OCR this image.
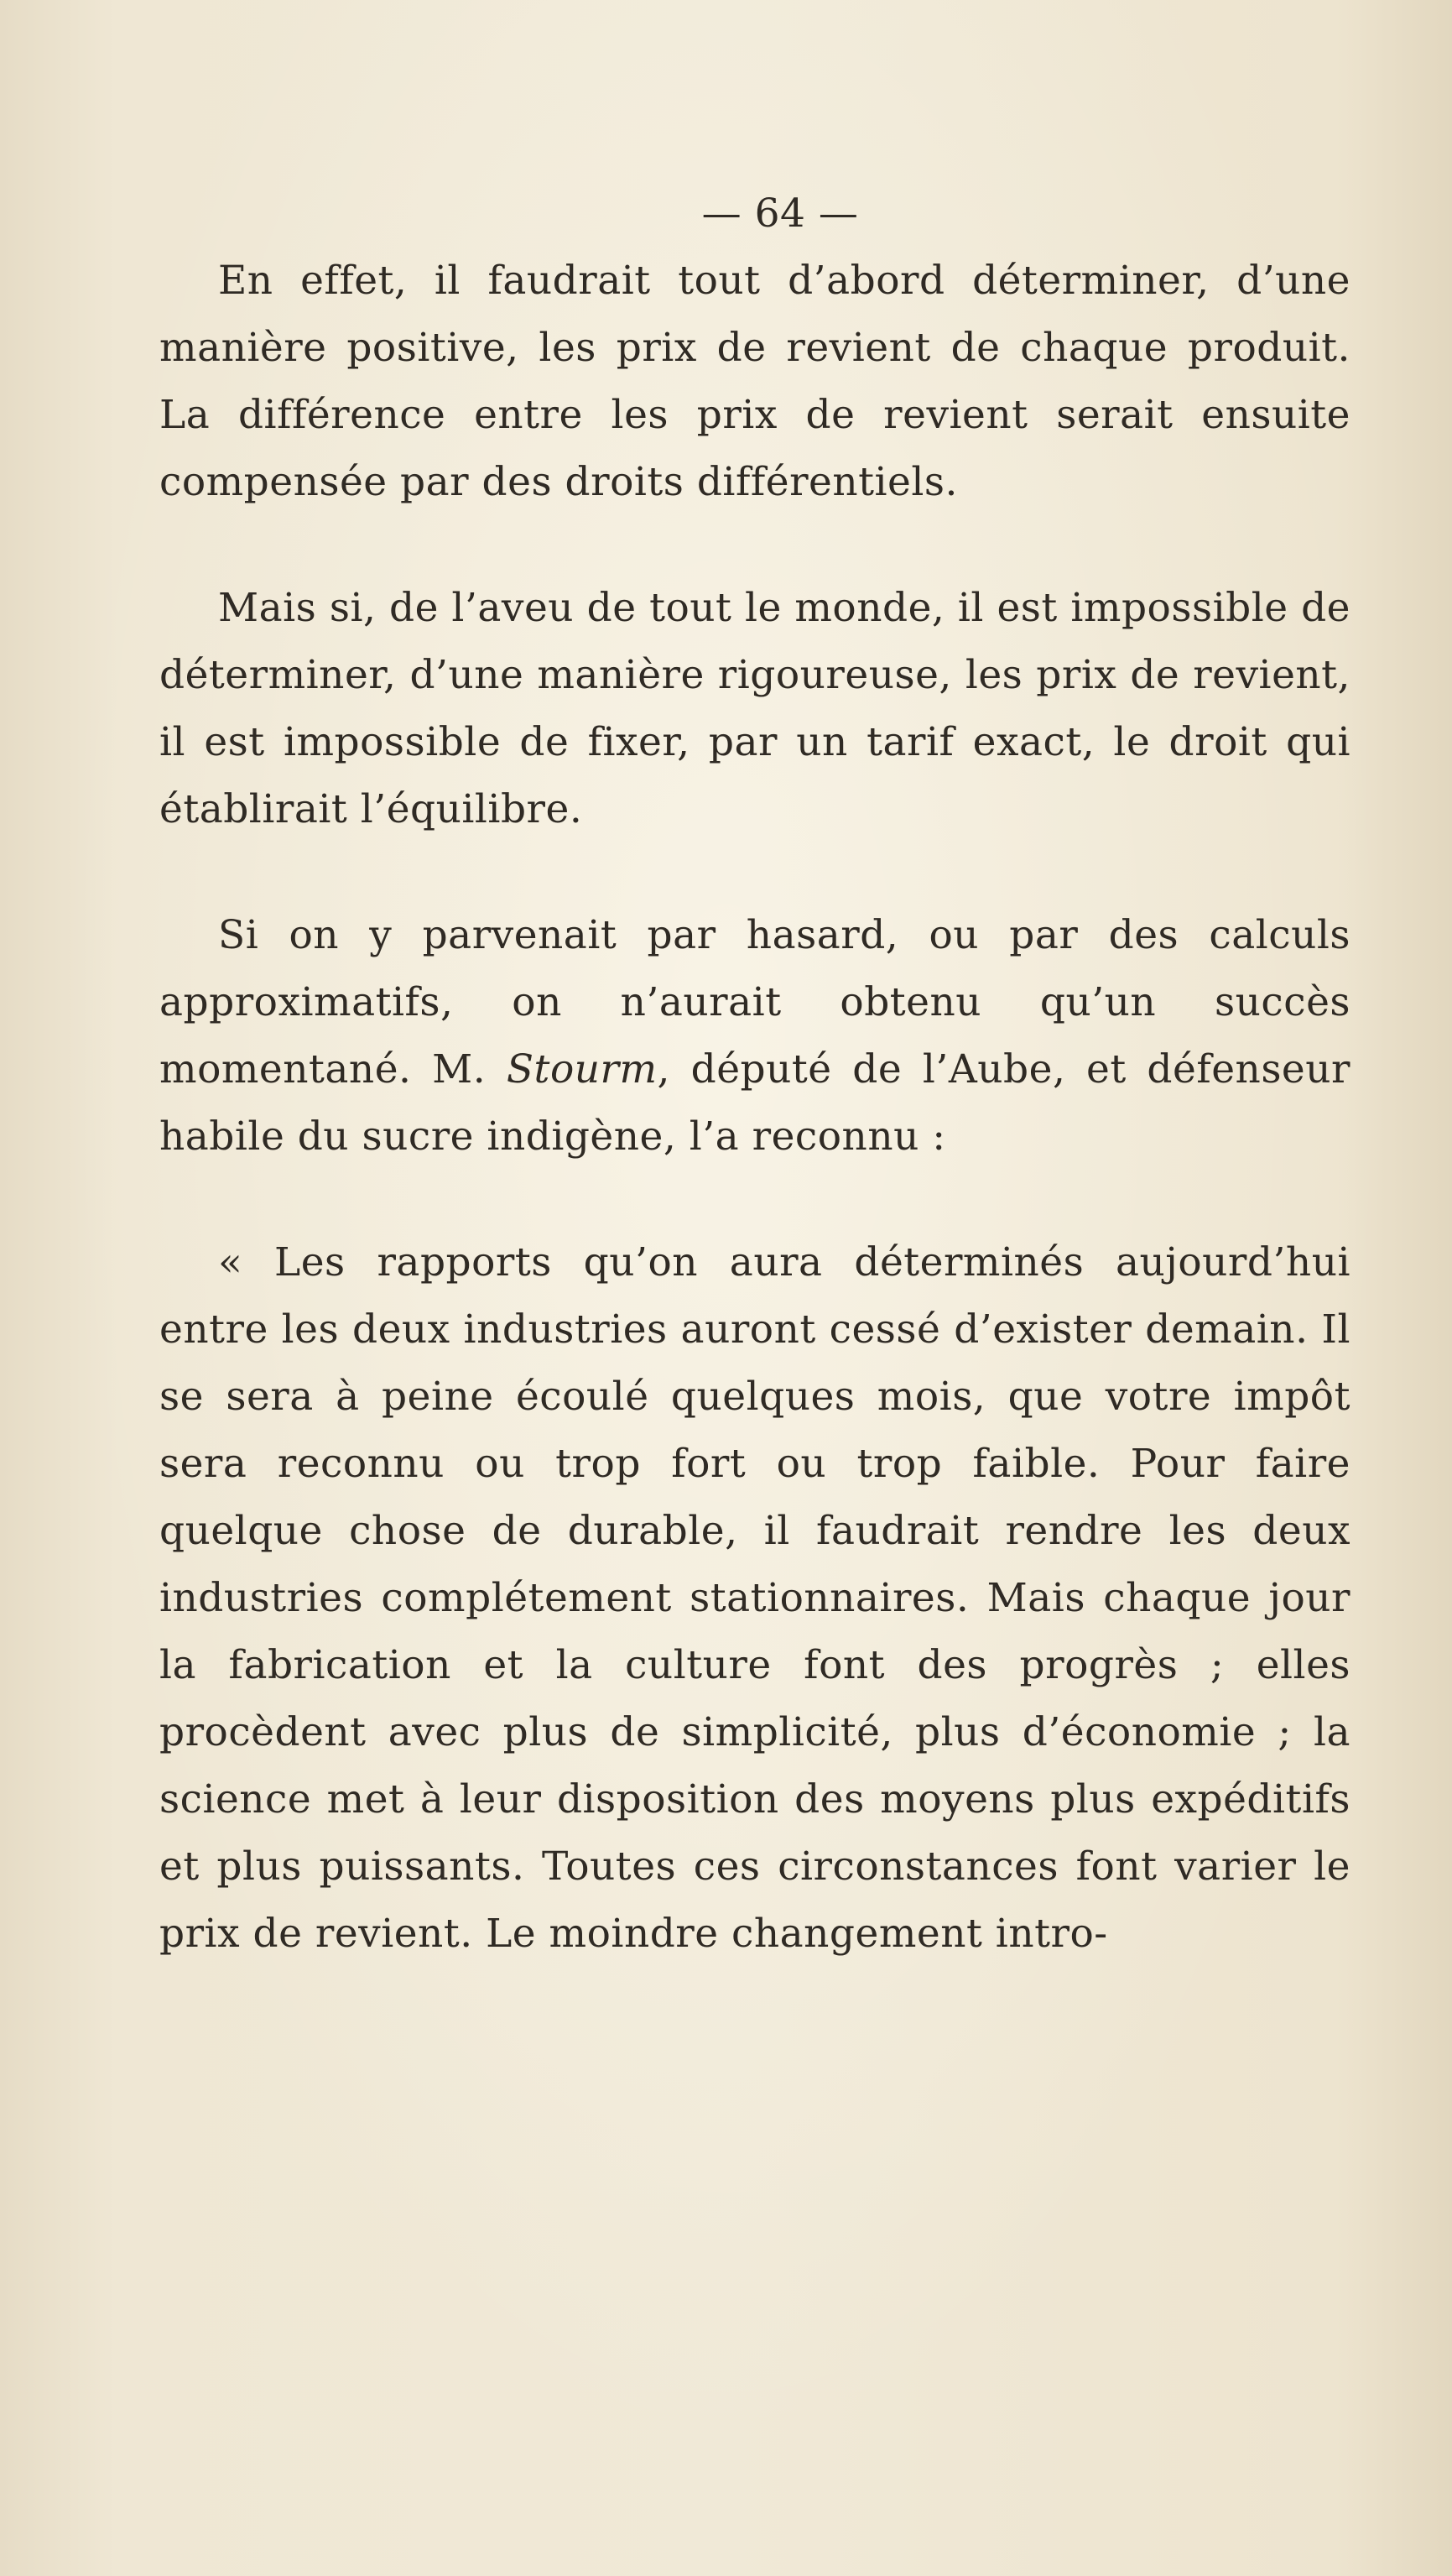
— 64 —

En effet, il faudrait tout d’abord déterminer, d’une manière positive, les prix de revient de chaque produit. La différence entre les prix de revient serait ensuite compensée par des droits différentiels.

Mais si, de l’aveu de tout le monde, il est impossible de déterminer, d’une manière rigoureuse, les prix de revient, il est impossible de fixer, par un tarif exact, le droit qui établirait l’équilibre.

Si on y parvenait par hasard, ou par des calculs approximatifs, on n’aurait obtenu qu’un succès momentané. M. Stourm, député de l’Aube, et défenseur habile du sucre indigène, l’a reconnu :

« Les rapports qu’on aura déterminés aujourd’hui entre les deux industries auront cessé d’exister demain. Il se sera à peine écoulé quelques mois, que votre impôt sera reconnu ou trop fort ou trop faible. Pour faire quelque chose de durable, il faudrait rendre les deux industries complétement stationnaires. Mais chaque jour la fabrication et la culture font des progrès ; elles procèdent avec plus de simplicité, plus d’économie ; la science met à leur disposition des moyens plus expéditifs et plus puissants. Toutes ces circonstances font varier le prix de revient. Le moindre changement intro-
